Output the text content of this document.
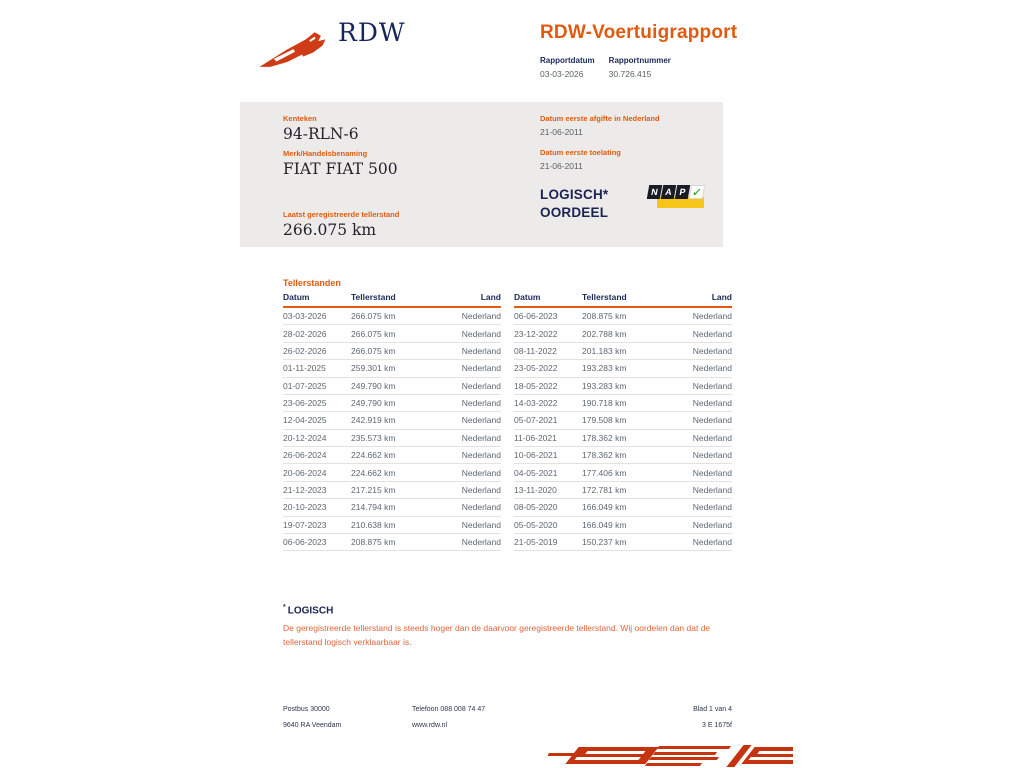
RDW	RDW-Voertuigrapport
Rapportdatum
03-03-2026
Rapportnummer
30.726.415
Kenteken
94-RLN-6
Merk/Handelsbenaming
FIAT FIAT 500
Laatst geregistreerde tellerstand
266.075 km
Datum eerste afgifte in Nederland
21-06-2011
Datum eerste toelating
21-06-2011
LOGISCH*
OORDEEL
N A P ✓
Tellerstanden
Datum	Tellerstand	Land
03-03-2026	266.075 km	Nederland
28-02-2026	266.075 km	Nederland
26-02-2026	266.075 km	Nederland
01-11-2025	259.301 km	Nederland
01-07-2025	249.790 km	Nederland
23-06-2025	249.790 km	Nederland
12-04-2025	242.919 km	Nederland
20-12-2024	235.573 km	Nederland
26-06-2024	224.662 km	Nederland
20-06-2024	224.662 km	Nederland
21-12-2023	217.215 km	Nederland
20-10-2023	214.794 km	Nederland
19-07-2023	210.638 km	Nederland
06-06-2023	208.875 km	Nederland
Datum	Tellerstand	Land
06-06-2023	208.875 km	Nederland
23-12-2022	202.788 km	Nederland
08-11-2022	201.183 km	Nederland
23-05-2022	193.283 km	Nederland
18-05-2022	193.283 km	Nederland
14-03-2022	190.718 km	Nederland
05-07-2021	179.508 km	Nederland
11-06-2021	178.362 km	Nederland
10-06-2021	178.362 km	Nederland
04-05-2021	177.406 km	Nederland
13-11-2020	172.781 km	Nederland
08-05-2020	166.049 km	Nederland
05-05-2020	166.049 km	Nederland
21-05-2019	150.237 km	Nederland
* LOGISCH
De geregistreerde tellerstand is steeds hoger dan de daarvoor geregistreerde tellerstand. Wij oordelen dan dat de tellerstand logisch verklaarbaar is.
Postbus 30000
9640 RA Veendam
Telefoon 088 008 74 47
www.rdw.nl
Blad 1 van 4
3 E 1675f
